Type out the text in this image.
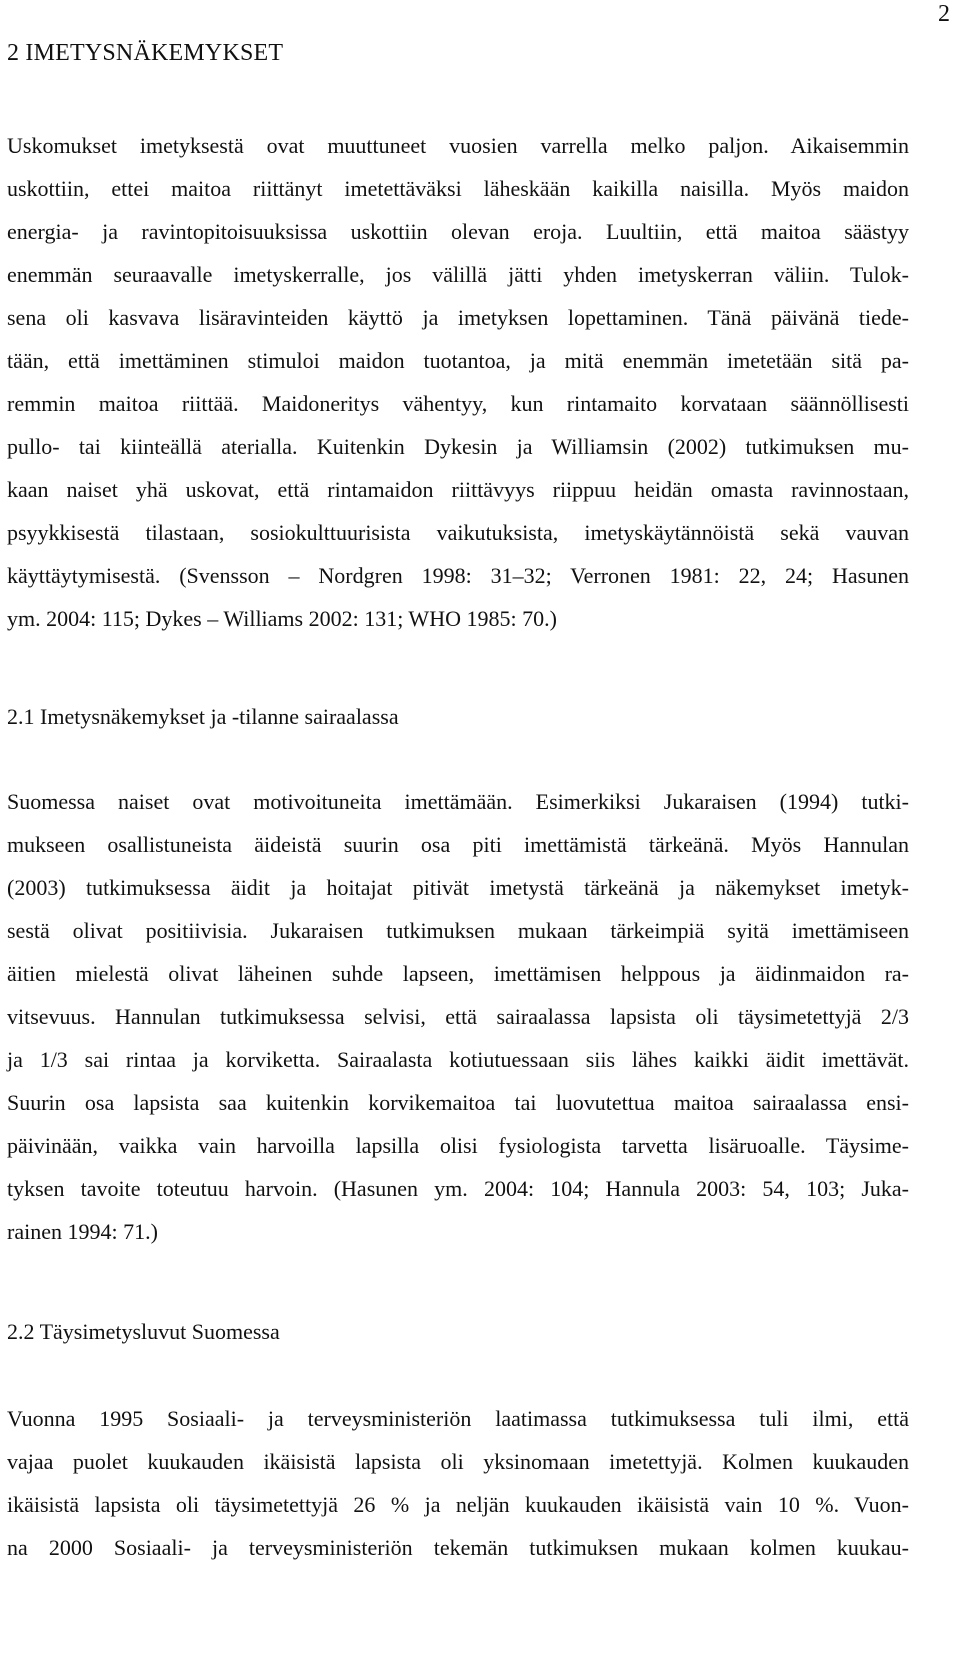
2
2 IMETYSNÄKEMYKSET
Uskomukset imetyksestä ovat muuttuneet vuosien varrella melko paljon. Aikaisemmin
uskottiin, ettei maitoa riittänyt imetettäväksi läheskään kaikilla naisilla. Myös maidon
energia- ja ravintopitoisuuksissa uskottiin olevan eroja. Luultiin, että maitoa säästyy
enemmän seuraavalle imetyskerralle, jos välillä jätti yhden imetyskerran väliin. Tulok-
sena oli kasvava lisäravinteiden käyttö ja imetyksen lopettaminen. Tänä päivänä tiede-
tään, että imettäminen stimuloi maidon tuotantoa, ja mitä enemmän imetetään sitä pa-
remmin maitoa riittää. Maidoneritys vähentyy, kun rintamaito korvataan säännöllisesti
pullo- tai kiinteällä aterialla. Kuitenkin Dykesin ja Williamsin (2002) tutkimuksen mu-
kaan naiset yhä uskovat, että rintamaidon riittävyys riippuu heidän omasta ravinnostaan,
psyykkisestä tilastaan, sosiokulttuurisista vaikutuksista, imetyskäytännöistä sekä vauvan
käyttäytymisestä. (Svensson – Nordgren 1998: 31–32; Verronen 1981: 22, 24; Hasunen
ym. 2004: 115; Dykes – Williams 2002: 131; WHO 1985: 70.)
2.1 Imetysnäkemykset ja -tilanne sairaalassa
Suomessa naiset ovat motivoituneita imettämään. Esimerkiksi Jukaraisen (1994) tutki-
mukseen osallistuneista äideistä suurin osa piti imettämistä tärkeänä. Myös Hannulan
(2003) tutkimuksessa äidit ja hoitajat pitivät imetystä tärkeänä ja näkemykset imetyk-
sestä olivat positiivisia. Jukaraisen tutkimuksen mukaan tärkeimpiä syitä imettämiseen
äitien mielestä olivat läheinen suhde lapseen, imettämisen helppous ja äidinmaidon ra-
vitsevuus. Hannulan tutkimuksessa selvisi, että sairaalassa lapsista oli täysimetettyjä 2/3
ja 1/3 sai rintaa ja korviketta. Sairaalasta kotiutuessaan siis lähes kaikki äidit imettävät.
Suurin osa lapsista saa kuitenkin korvikemaitoa tai luovutettua maitoa sairaalassa ensi-
päivinään, vaikka vain harvoilla lapsilla olisi fysiologista tarvetta lisäruoalle. Täysime-
tyksen tavoite toteutuu harvoin. (Hasunen ym. 2004: 104; Hannula 2003: 54, 103; Juka-
rainen 1994: 71.)
2.2 Täysimetysluvut Suomessa
Vuonna 1995 Sosiaali- ja terveysministeriön laatimassa tutkimuksessa tuli ilmi, että
vajaa puolet kuukauden ikäisistä lapsista oli yksinomaan imetettyjä. Kolmen kuukauden
ikäisistä lapsista oli täysimetettyjä 26 % ja neljän kuukauden ikäisistä vain 10 %. Vuon-
na 2000 Sosiaali- ja terveysministeriön tekemän tutkimuksen mukaan kolmen kuukau-
